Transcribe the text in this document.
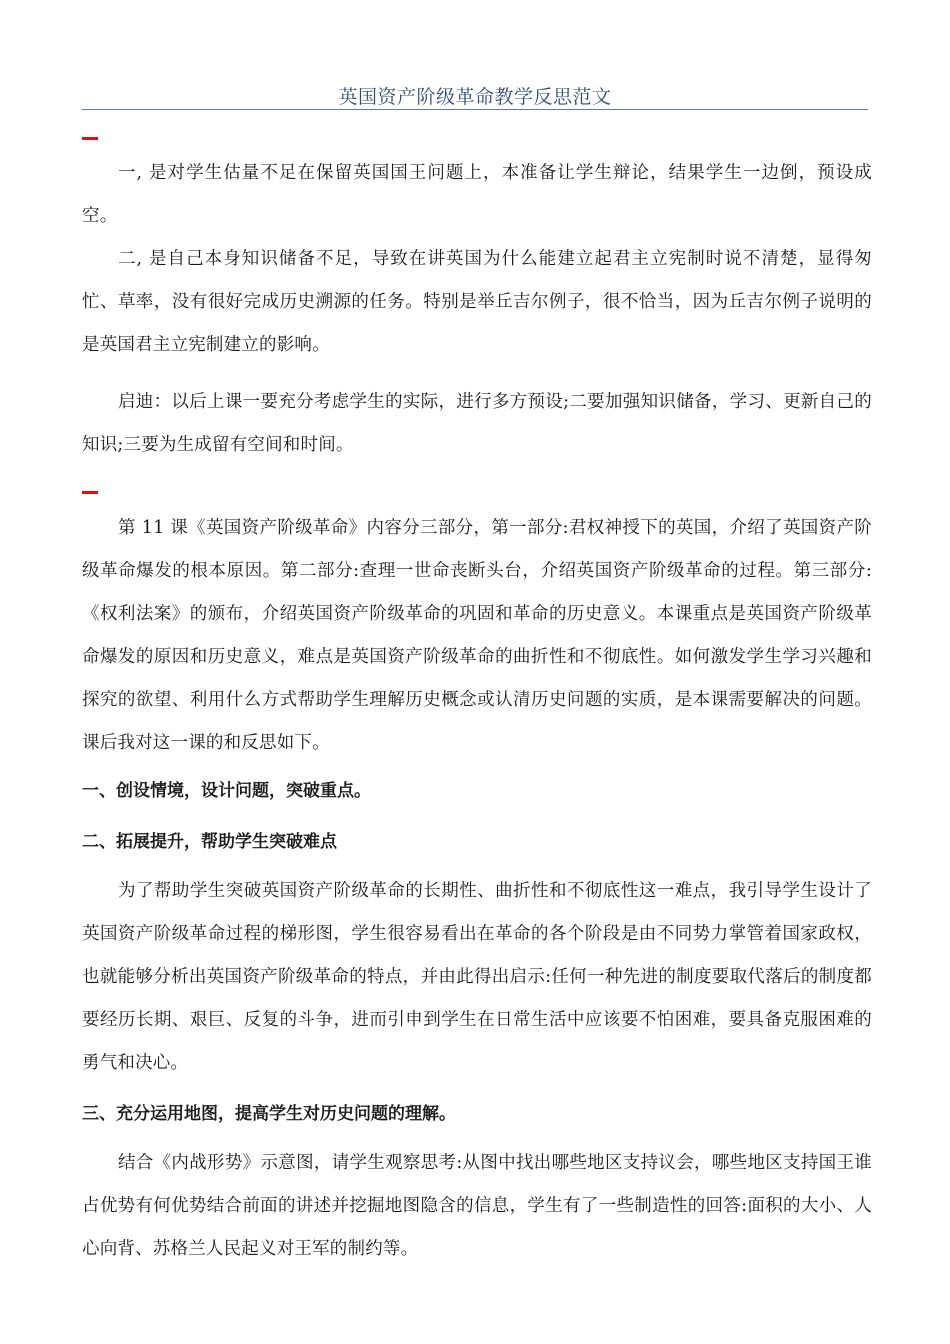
英国资产阶级革命教学反思范文
一, 是对学生估量不足在保留英国国王问题上，本准备让学生辩论，结果学生一边倒，预设成空。
二, 是自己本身知识储备不足，导致在讲英国为什么能建立起君主立宪制时说不清楚，显得匆忙、草率，没有很好完成历史溯源的任务。特别是举丘吉尔例子，很不恰当，因为丘吉尔例子说明的是英国君主立宪制建立的影响。
启迪：以后上课一要充分考虑学生的实际，进行多方预设;二要加强知识储备，学习、更新自己的知识;三要为生成留有空间和时间。
第 11 课《英国资产阶级革命》内容分三部分，第一部分:君权神授下的英国，介绍了英国资产阶级革命爆发的根本原因。第二部分:查理一世命丧断头台，介绍英国资产阶级革命的过程。第三部分:《权利法案》的颁布，介绍英国资产阶级革命的巩固和革命的历史意义。本课重点是英国资产阶级革命爆发的原因和历史意义，难点是英国资产阶级革命的曲折性和不彻底性。如何激发学生学习兴趣和探究的欲望、利用什么方式帮助学生理解历史概念或认清历史问题的实质，是本课需要解决的问题。课后我对这一课的和反思如下。
一、创设情境，设计问题，突破重点。
二、拓展提升，帮助学生突破难点
为了帮助学生突破英国资产阶级革命的长期性、曲折性和不彻底性这一难点，我引导学生设计了英国资产阶级革命过程的梯形图，学生很容易看出在革命的各个阶段是由不同势力掌管着国家政权，也就能够分析出英国资产阶级革命的特点，并由此得出启示:任何一种先进的制度要取代落后的制度都要经历长期、艰巨、反复的斗争，进而引申到学生在日常生活中应该要不怕困难，要具备克服困难的勇气和决心。
三、充分运用地图，提高学生对历史问题的理解。
结合《内战形势》示意图，请学生观察思考:从图中找出哪些地区支持议会，哪些地区支持国王谁占优势有何优势结合前面的讲述并挖掘地图隐含的信息，学生有了一些制造性的回答:面积的大小、人心向背、苏格兰人民起义对王军的制约等。
